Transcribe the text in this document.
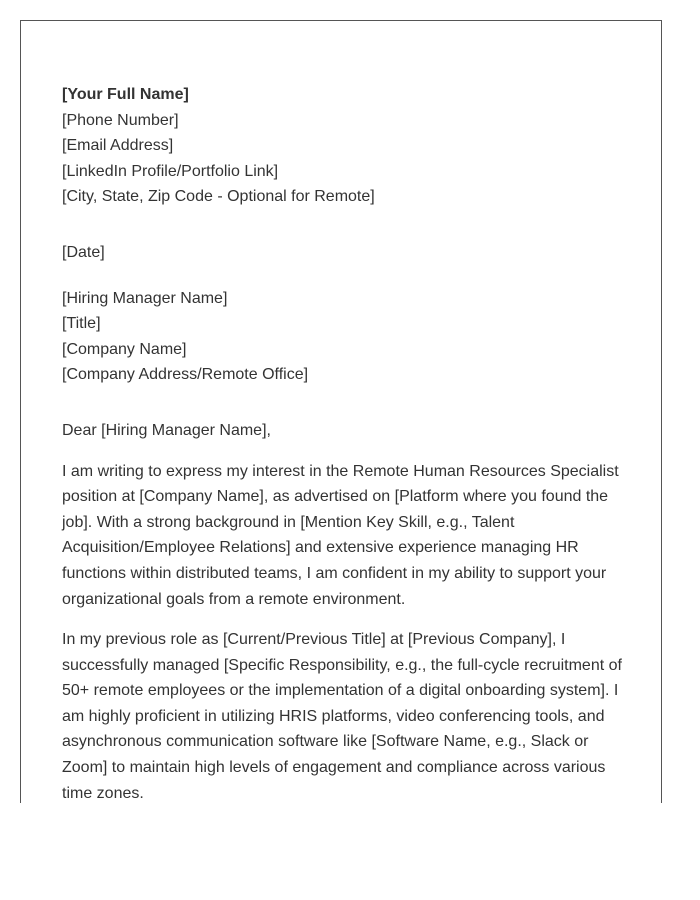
[Your Full Name]
[Phone Number]
[Email Address]
[LinkedIn Profile/Portfolio Link]
[City, State, Zip Code - Optional for Remote]
[Date]
[Hiring Manager Name]
[Title]
[Company Name]
[Company Address/Remote Office]
Dear [Hiring Manager Name],

I am writing to express my interest in the Remote Human Resources Specialist position at [Company Name], as advertised on [Platform where you found the job]. With a strong background in [Mention Key Skill, e.g., Talent Acquisition/Employee Relations] and extensive experience managing HR functions within distributed teams, I am confident in my ability to support your organizational goals from a remote environment.

In my previous role as [Current/Previous Title] at [Previous Company], I successfully managed [Specific Responsibility, e.g., the full-cycle recruitment of 50+ remote employees or the implementation of a digital onboarding system]. I am highly proficient in utilizing HRIS platforms, video conferencing tools, and asynchronous communication software like [Software Name, e.g., Slack or Zoom] to maintain high levels of engagement and compliance across various time zones.
